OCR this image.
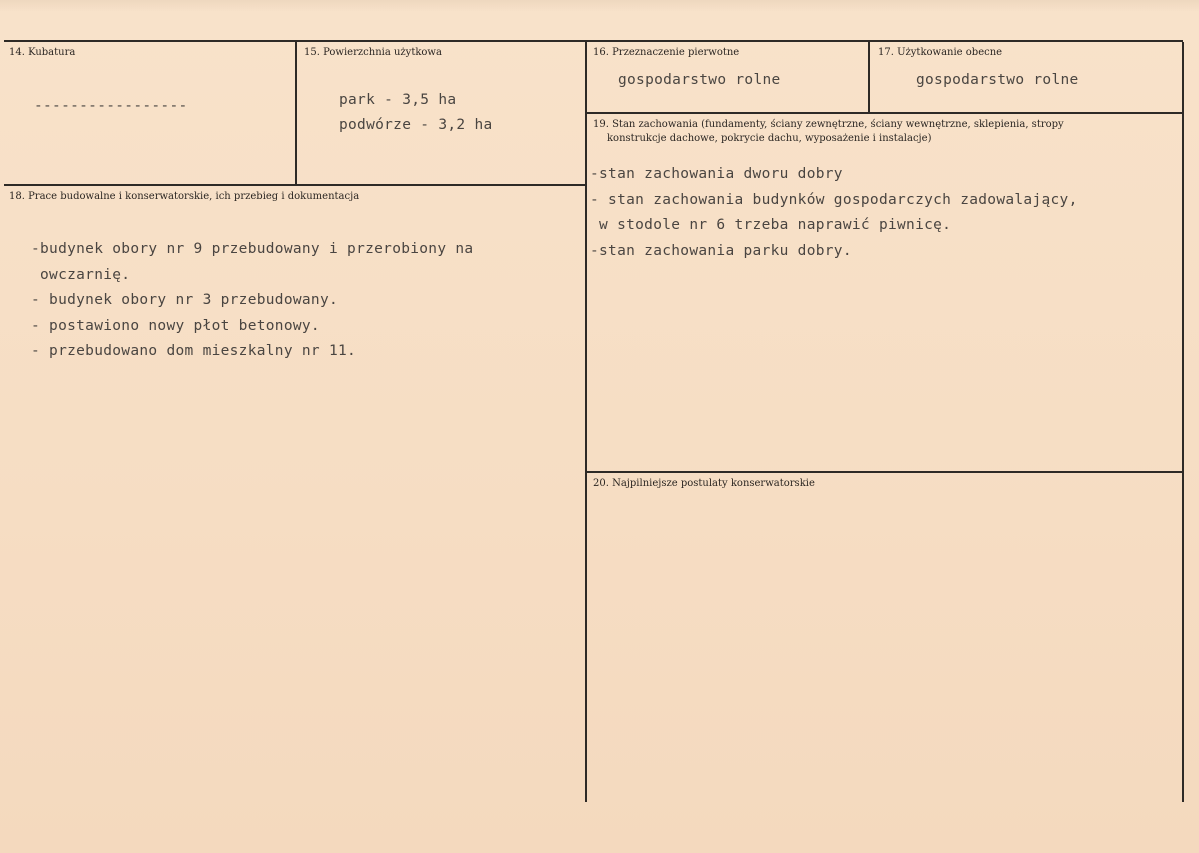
14. Kubatura
-----------------
15. Powierzchnia użytkowa
park - 3,5 ha
podwórze - 3,2 ha
16. Przeznaczenie pierwotne
gospodarstwo rolne
17. Użytkowanie obecne
gospodarstwo rolne
19. Stan zachowania (fundamenty, ściany zewnętrzne, ściany wewnętrzne, sklepienia, stropy
konstrukcje dachowe, pokrycie dachu, wyposażenie i instalacje)
-stan zachowania dworu dobry
- stan zachowania budynków gospodarczych zadowalający,
w stodole nr 6 trzeba naprawić piwnicę.
-stan zachowania parku dobry.
18. Prace budowalne i konserwatorskie, ich przebieg i dokumentacja
-budynek obory nr 9 przebudowany i przerobiony na
owczarnię.
- budynek obory nr 3 przebudowany.
- postawiono nowy płot betonowy.
- przebudowano dom mieszkalny nr 11.
20. Najpilniejsze postulaty konserwatorskie
